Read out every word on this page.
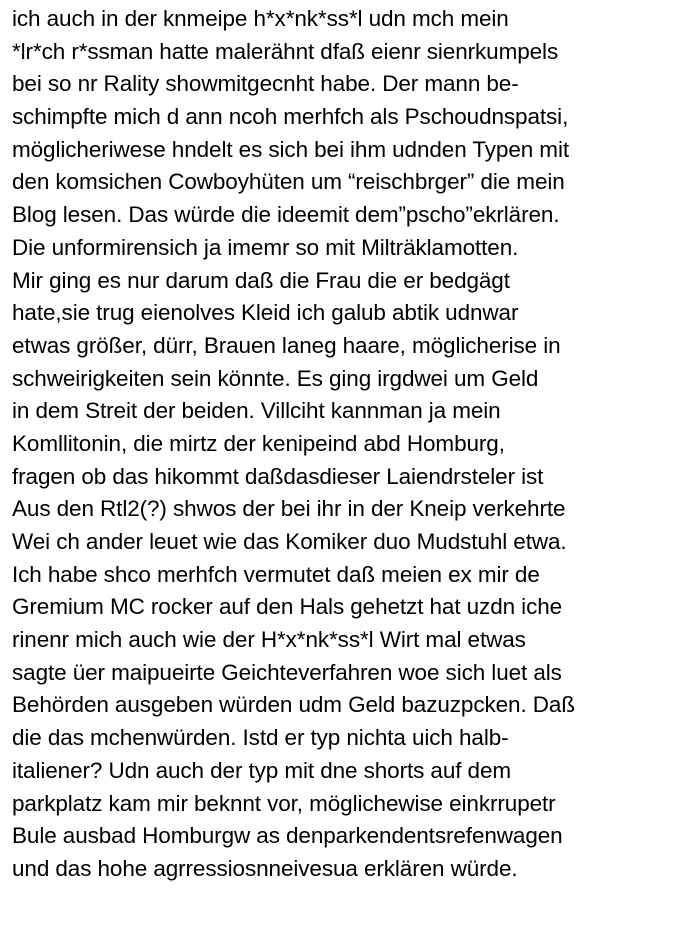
ich auch in der knmeipe h*x*nk*ss*l udn mch mein
*lr*ch r*ssman hatte malerähnt dfaß eienr sienrkumpels
bei so nr Rality showmitgecnht habe. Der mann be-
schimpfte mich d ann ncoh merhfch als Pschoudnspatsi,
möglicheriwese hndelt es sich bei ihm udnden Typen mit
den komsichen Cowboyhüten um “reischbrger” die mein
Blog lesen. Das würde die ideemit dem”pscho”ekrlären.
Die unformirensich ja imemr so mit Milträklamotten.
Mir ging es nur darum daß die Frau die er bedgägt
hate,sie trug eienolves Kleid ich galub abtik udnwar
etwas größer, dürr, Brauen laneg haare, möglicherise in
schweirigkeiten sein könnte. Es ging irgdwei um Geld
in dem Streit der beiden. Villciht kannman ja mein
Komllitonin, die mirtz der kenipeind abd Homburg,
fragen ob das hikommt daßdasdieser Laiendrsteler ist
Aus den Rtl2(?) shwos der bei ihr in der Kneip verkehrte
Wei ch ander leuet wie das Komiker duo Mudstuhl etwa.
Ich habe shco merhfch vermutet daß meien ex mir de
Gremium MC rocker auf den Hals gehetzt hat uzdn iche
rinenr mich auch wie der H*x*nk*ss*l Wirt mal etwas
sagte üer maipueirte Geichteverfahren woe sich luet als
Behörden ausgeben würden udm Geld bazuzpcken. Daß
die das mchenwürden. Istd er typ nichta uich halb-
italiener? Udn auch der typ mit dne shorts auf dem
parkplatz kam mir beknnt vor, möglichewise einkrrupetr
Bule ausbad Homburgw as denparkendentsrefenwagen
und das hohe agrressiosnneivesua erklären würde.
